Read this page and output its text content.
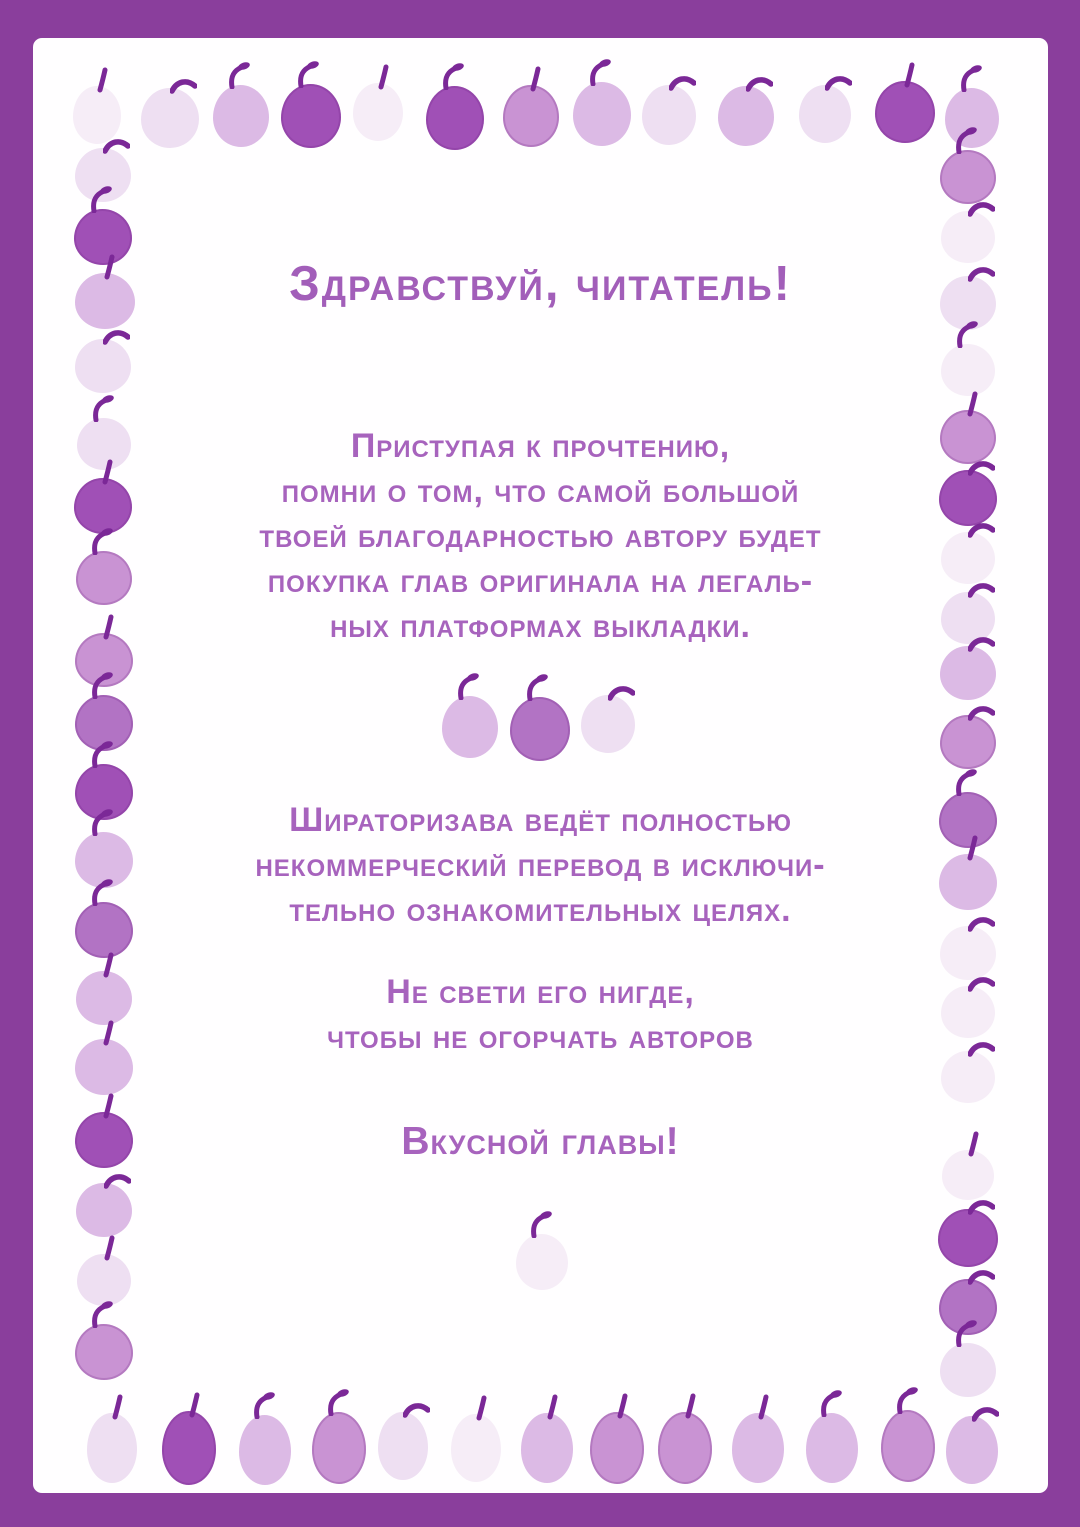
Здравствуй, читатель!
Приступая к прочтению,
помни о том, что самой большой
твоей благодарностью автору будет
покупка глав оригинала на легаль-
ных платформах выкладки.
Шираторизава ведёт полностью
некоммерческий перевод в исключи-
тельно ознакомительных целях.
Не свети его нигде,
чтобы не огорчать авторов
Вкусной главы!
